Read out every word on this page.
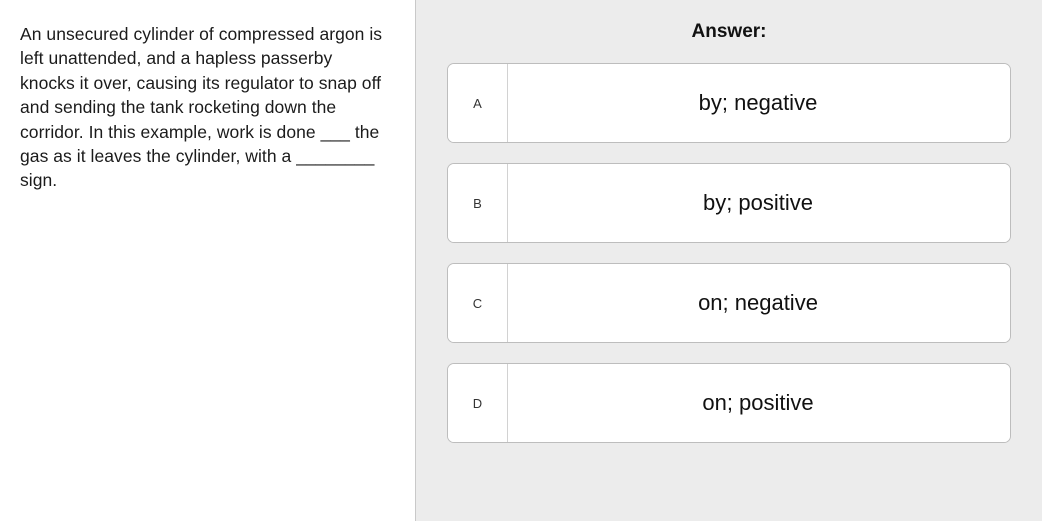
An unsecured cylinder of compressed argon is left unattended, and a hapless passerby knocks it over, causing its regulator to snap off and sending the tank rocketing down the corridor. In this example, work is done ___ the gas as it leaves the cylinder, with a ________ sign.
Answer:
A	by; negative
B	by; positive
C	on; negative
D	on; positive
